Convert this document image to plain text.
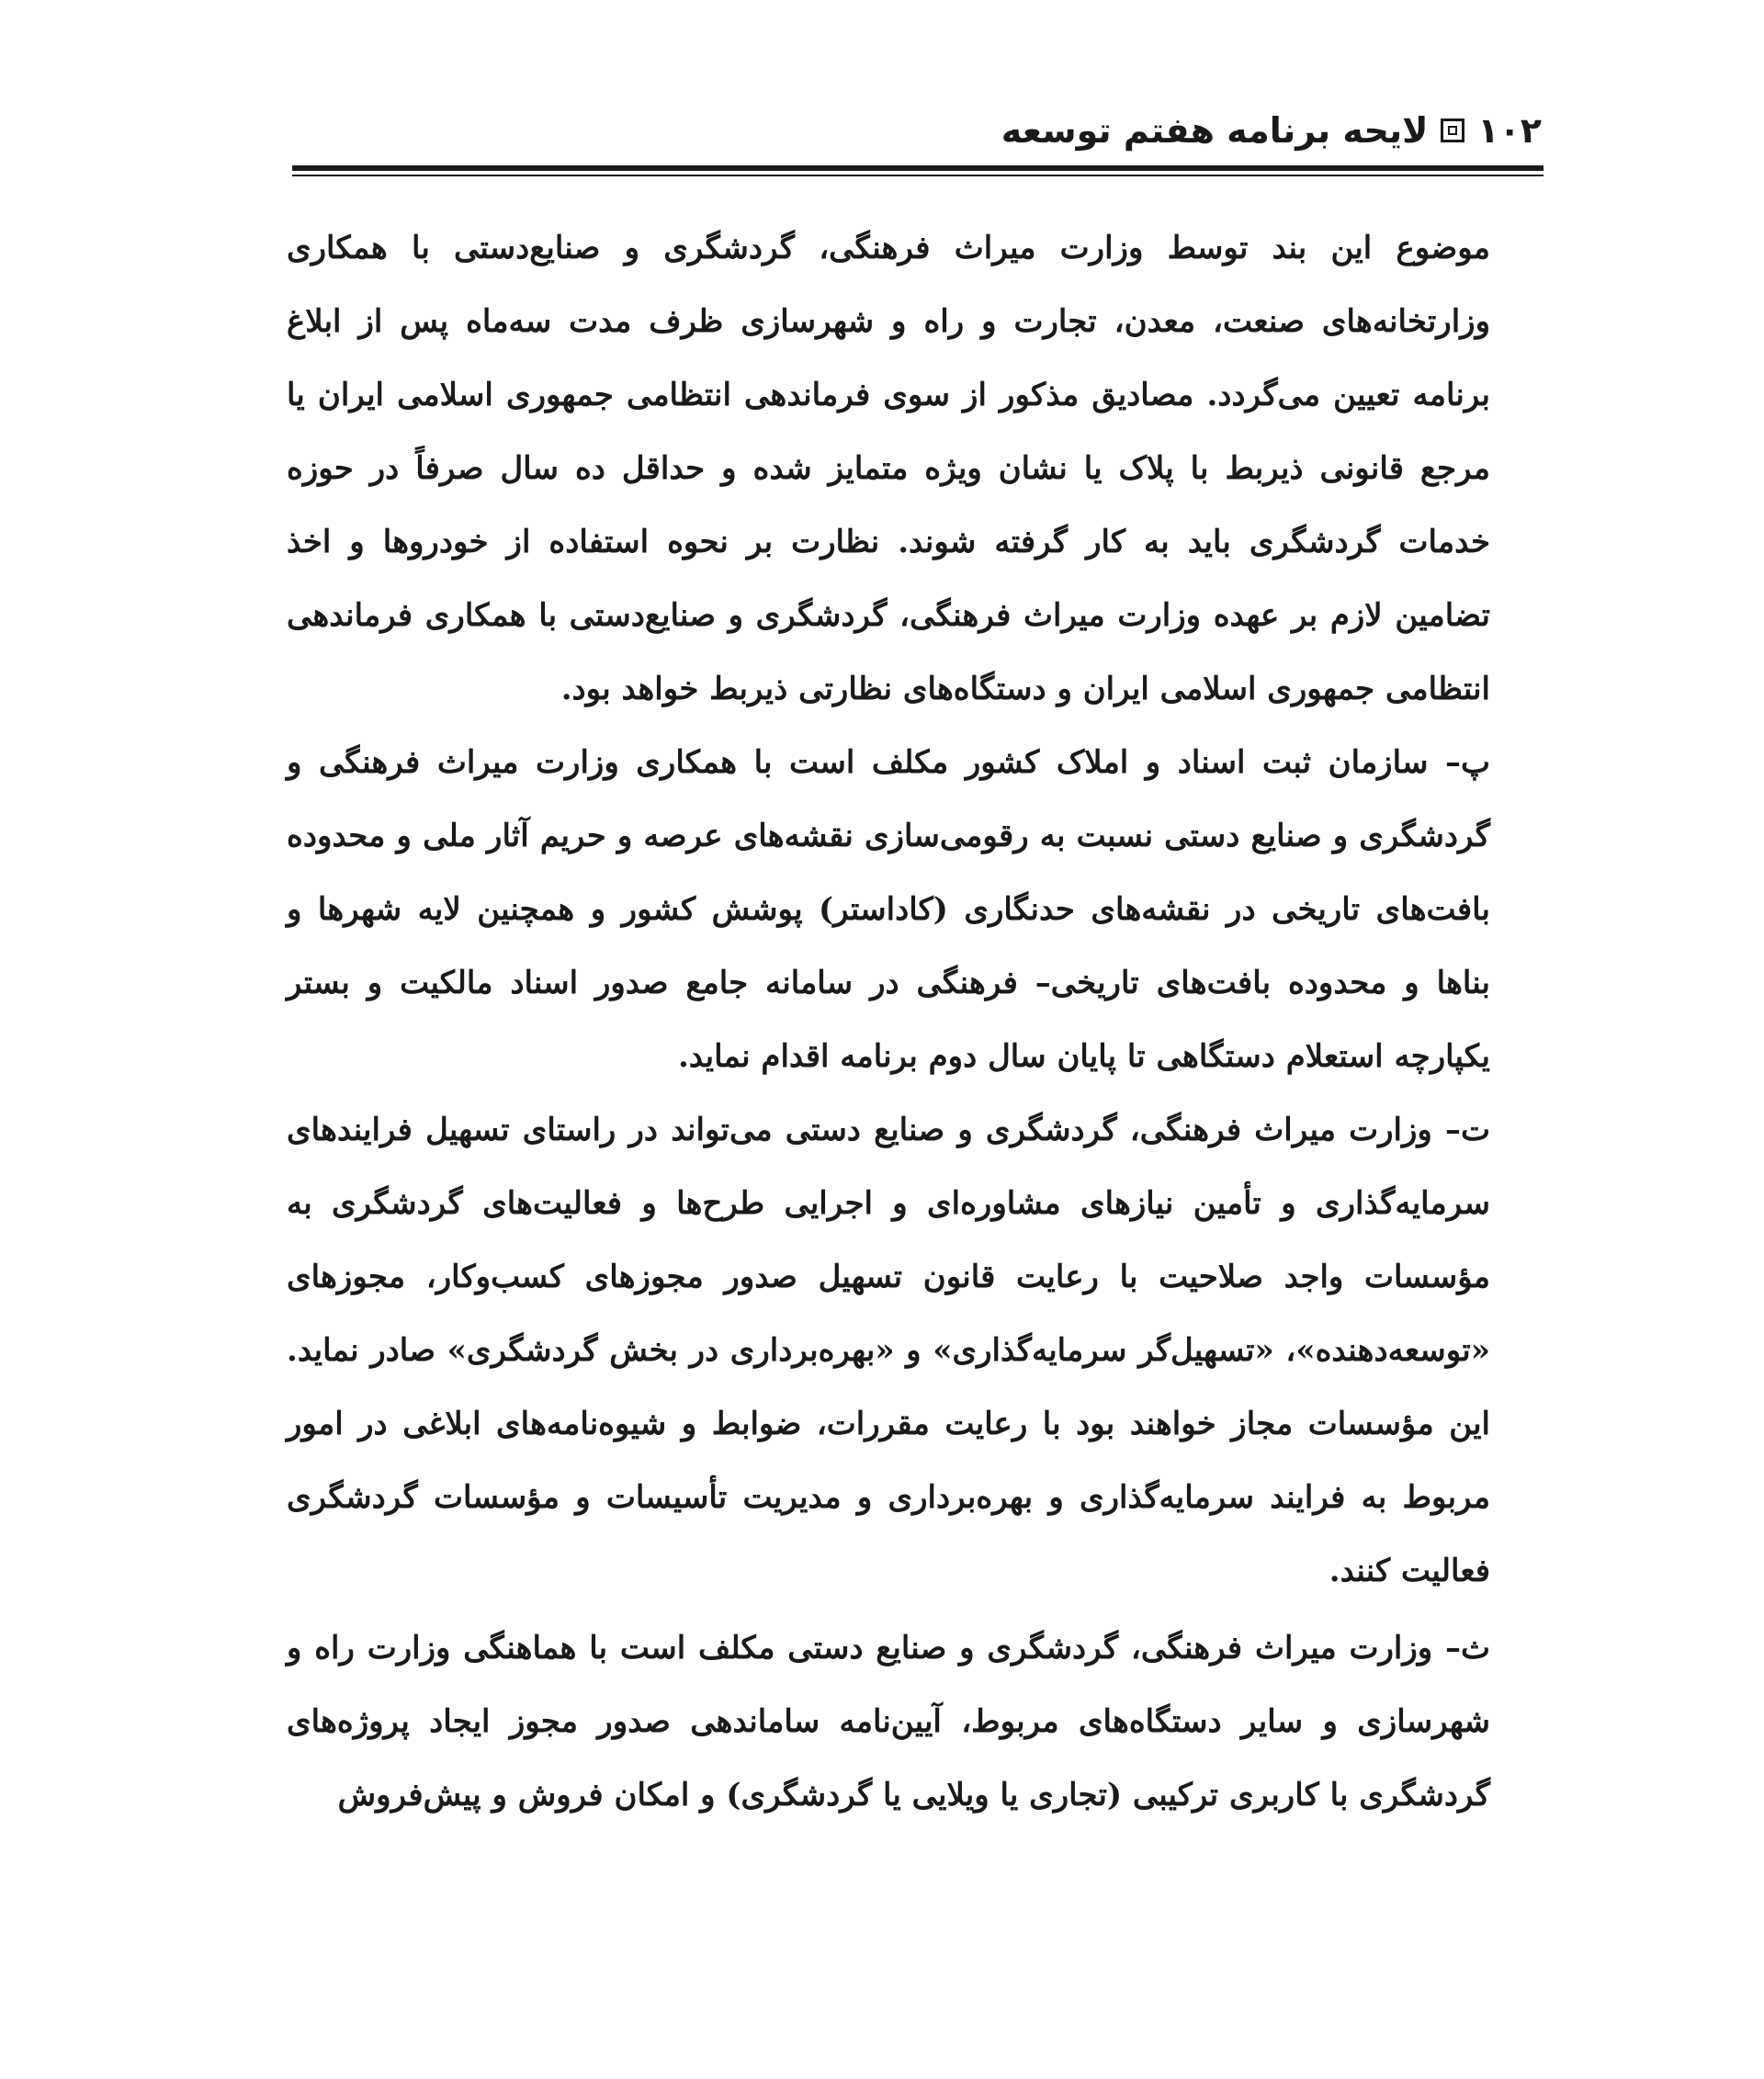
۱۰۲
لایحه برنامه هفتم توسعه

موضوع این بند توسط وزارت میراث فرهنگی، گردشگری و صنایع‌دستی با همکاری وزارتخانه‌های صنعت، معدن، تجارت و راه و شهرسازی ظرف مدت سه‌ماه پس از ابلاغ برنامه تعیین می‌گردد. مصادیق مذکور از سوی فرماندهی انتظامی جمهوری اسلامی ایران یا مرجع قانونی ذیربط با پلاک یا نشان ویژه متمایز شده و حداقل ده سال صرفاً در حوزه خدمات گردشگری باید به کار گرفته شوند. نظارت بر نحوه استفاده از خودروها و اخذ تضامین لازم بر عهده وزارت میراث فرهنگی، گردشگری و صنایع‌دستی با همکاری فرماندهی انتظامی جمهوری اسلامی ایران و دستگاه‌های نظارتی ذیربط خواهد بود.

پ– سازمان ثبت اسناد و املاک کشور مکلف است با همکاری وزارت میراث فرهنگی و گردشگری و صنایع دستی نسبت به رقومی‌سازی نقشه‌های عرصه و حریم آثار ملی و محدوده بافت‌های تاریخی در نقشه‌های حدنگاری (کاداستر) پوشش کشور و همچنین لایه شهرها و بناها و محدوده بافت‌های تاریخی– فرهنگی در سامانه جامع صدور اسناد مالکیت و بستر یکپارچه استعلام دستگاهی تا پایان سال دوم برنامه اقدام نماید.

ت– وزارت میراث فرهنگی، گردشگری و صنایع دستی می‌تواند در راستای تسهیل فرایندهای سرمایه‌گذاری و تأمین نیازهای مشاوره‌ای و اجرایی طرح‌ها و فعالیت‌های گردشگری به مؤسسات واجد صلاحیت با رعایت قانون تسهیل صدور مجوزهای کسب‌وکار، مجوزهای «توسعه‌دهنده»، «تسهیل‌گر سرمایه‌گذاری» و «بهره‌برداری در بخش گردشگری» صادر نماید. این مؤسسات مجاز خواهند بود با رعایت مقررات، ضوابط و شیوه‌نامه‌های ابلاغی در امور مربوط به فرایند سرمایه‌گذاری و بهره‌برداری و مدیریت تأسیسات و مؤسسات گردشگری فعالیت کنند.

ث– وزارت میراث فرهنگی، گردشگری و صنایع دستی مکلف است با هماهنگی وزارت راه و شهرسازی و سایر دستگاه‌های مربوط، آیین‌نامه ساماندهی صدور مجوز ایجاد پروژه‌های گردشگری با کاربری ترکیبی (تجاری یا ویلایی یا گردشگری) و امکان فروش و پیش‌فروش
